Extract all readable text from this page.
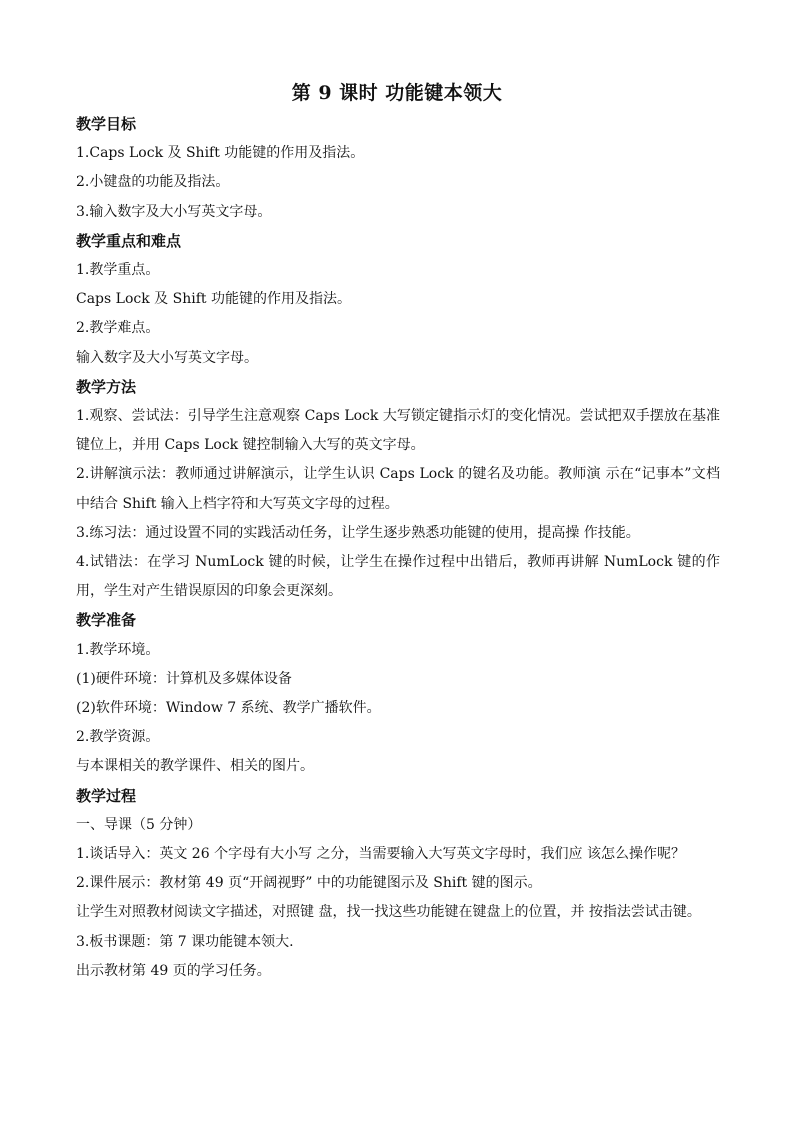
第 9 课时 功能键本领大
教学目标
1.Caps Lock 及 Shift 功能键的作用及指法。
2.小键盘的功能及指法。
3.输入数字及大小写英文字母。
教学重点和难点
1.教学重点。
Caps Lock 及 Shift 功能键的作用及指法。
2.教学难点。
输入数字及大小写英文字母。
教学方法
1.观察、尝试法：引导学生注意观察 Caps Lock 大写锁定键指示灯的变化情况。尝试把双手摆放在基准键位上，并用 Caps Lock 键控制输入大写的英文字母。
2.讲解演示法：教师通过讲解演示，让学生认识 Caps Lock 的键名及功能。教师演 示在“记事本”文档中结合 Shift 输入上档字符和大写英文字母的过程。
3.练习法：通过设置不同的实践活动任务，让学生逐步熟悉功能键的使用，提高操 作技能。
4.试错法：在学习 NumLock 键的时候，让学生在操作过程中出错后，教师再讲解 NumLock 键的作用，学生对产生错误原因的印象会更深刻。
教学准备
1.教学环境。
(1)硬件环境：计算机及多媒体设备
(2)软件环境：Window 7 系统、教学广播软件。
2.教学资源。
与本课相关的教学课件、相关的图片。
教学过程
一、导课（5 分钟）
1.谈话导入：英文 26 个字母有大小写 之分，当需要输入大写英文字母时，我们应 该怎么操作呢？
2.课件展示：教材第 49 页“开阔视野” 中的功能键图示及 Shift 键的图示。
让学生对照教材阅读文字描述，对照键 盘，找一找这些功能键在键盘上的位置，并 按指法尝试击键。
3.板书课题：第 7 课功能键本领大.
出示教材第 49 页的学习任务。
